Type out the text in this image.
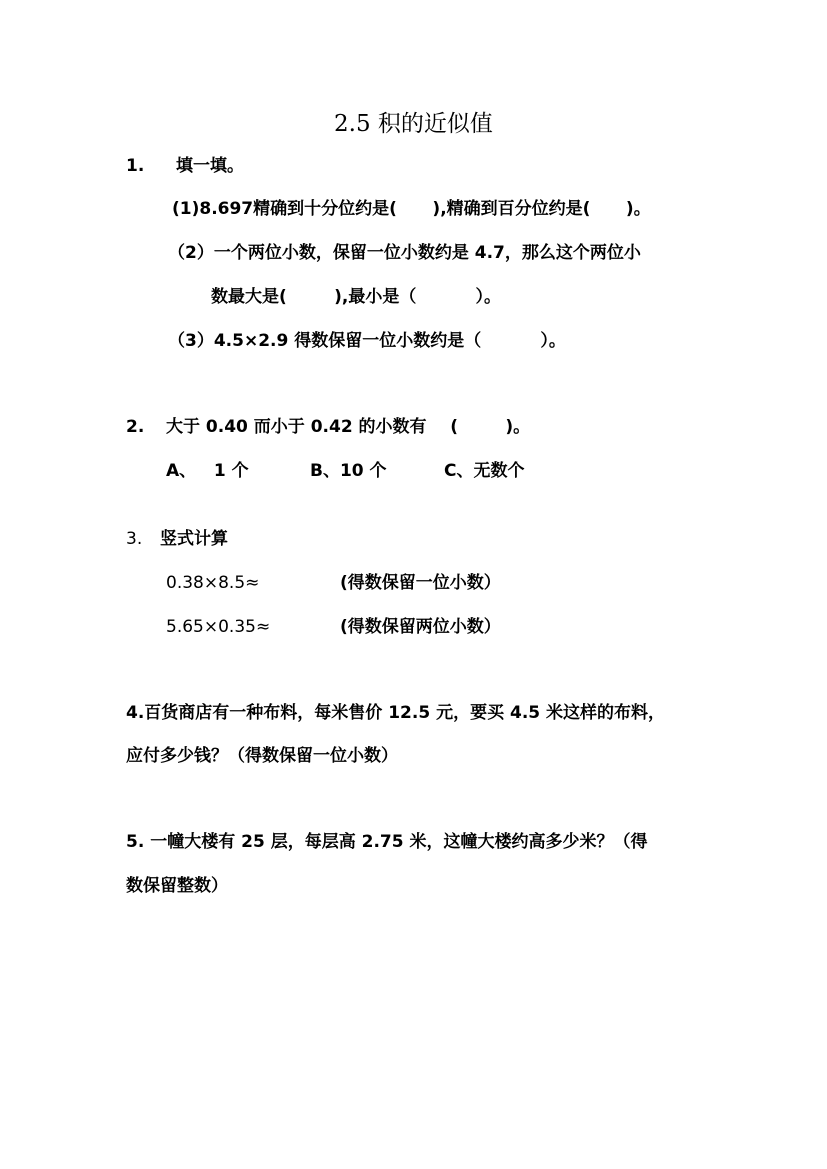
2.5 积的近似值
1. 填一填。
(1)8.697精确到十分位约是(      ),精确到百分位约是(      )。
（2）一个两位小数，保留一位小数约是 4.7，那么这个两位小
数最大是(        ),最小是（          ）。
（3）4.5×2.9 得数保留一位小数约是（          ）。
2. 大于 0.40 而小于 0.42 的小数有    (        )。
A、   1 个	B、10 个	C、无数个
3. 竖式计算
0.38×8.5≈	(得数保留一位小数）
5.65×0.35≈	(得数保留两位小数）
4.百货商店有一种布料，每米售价 12.5 元，要买 4.5 米这样的布料，
应付多少钱？（得数保留一位小数）
5. 一幢大楼有 25 层，每层高 2.75 米，这幢大楼约高多少米？（得
数保留整数）
